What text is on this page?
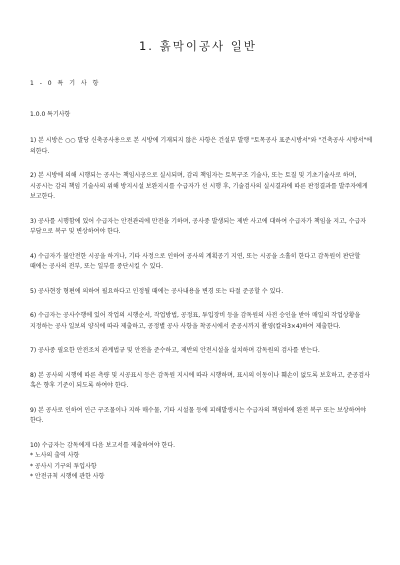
1. 흙막이공사 일반
1 - 0 특 기 사 항
1.0.0 특기사항

1) 본 시방은 ○○ 발당 신축공사용으로 본 시방에 기재되지 않은 사항은 건설부 발행 "토목공사 표준시방서"와 "건축공사 시방서"에 의한다.

2) 본 시방에 의해 시행되는 공사는 책임시공으로 실시되며, 감리 책임자는 토목구조 기술사, 또는 토질 및 기초기술사로 하며, 시공시는 감리 책임 기술사의 위해 방지시설 보완지시를 수급자가 선 시행 후, 기술검사의 실시결과에 따른 판정결과를 발주자에게 보고한다.

3) 공사를 시행함에 있어 수급자는 안전관리에 만전을 기하며, 공사중 발생되는 제반 사고에 대하여 수급자가 책임을 지고, 수급자 부담으로 복구 및 변상하여야 한다.

4) 수급자가 불안전한 시공을 하거나, 기타 사정으로 인하여 공사의 계획공기 지연, 또는 시공을 소홀히 한다고 감독원이 판단할 때에는 공사의 전부, 또는 일부를 중단시킬 수 있다.

5) 공사현장 형편에 의하여 필요하다고 인정될 때에는 공사내용을 변경 또는 타절 준공할 수 있다.

6) 수급자는 공사수행에 있어 작업의 시행순서, 작업방법, 공정표, 투입장비 등을 감독원의 사전 승인을 받아 매일의 작업상황을 지정하는 공사 일보의 양식에 따라 제출하고, 공정별 공사 사항을 착공시에서 준공시까지 촬영(칼라3×4)하여 제출한다.

7) 공사중 필요한 안전조치 관계법규 및 안전을 준수하고, 제반의 안전시설을 설치하며 감독원의 검사를 받는다.

8) 본 공사의 시행에 따른 측량 및 시공표시 등은 감독원 지시에 따라 시행하며, 표시의 이동이나 훼손이 없도록 보호하고, 준공검사 혹은 향후 기준이 되도록 하여야 한다.

9) 본 공사로 인하여 인근 구조물이나 지하 매수물, 기타 시설물 등에 피해발생시는 수급자의 책임하에 완전 복구 또는 보상하여야 한다.

10) 수급자는 감독에게 다음 보고서를 제출하여야 한다.

* 노사의 출역 사항
* 공사시 기구의 투입사항
* 안전규칙 시행에 관한 사항
